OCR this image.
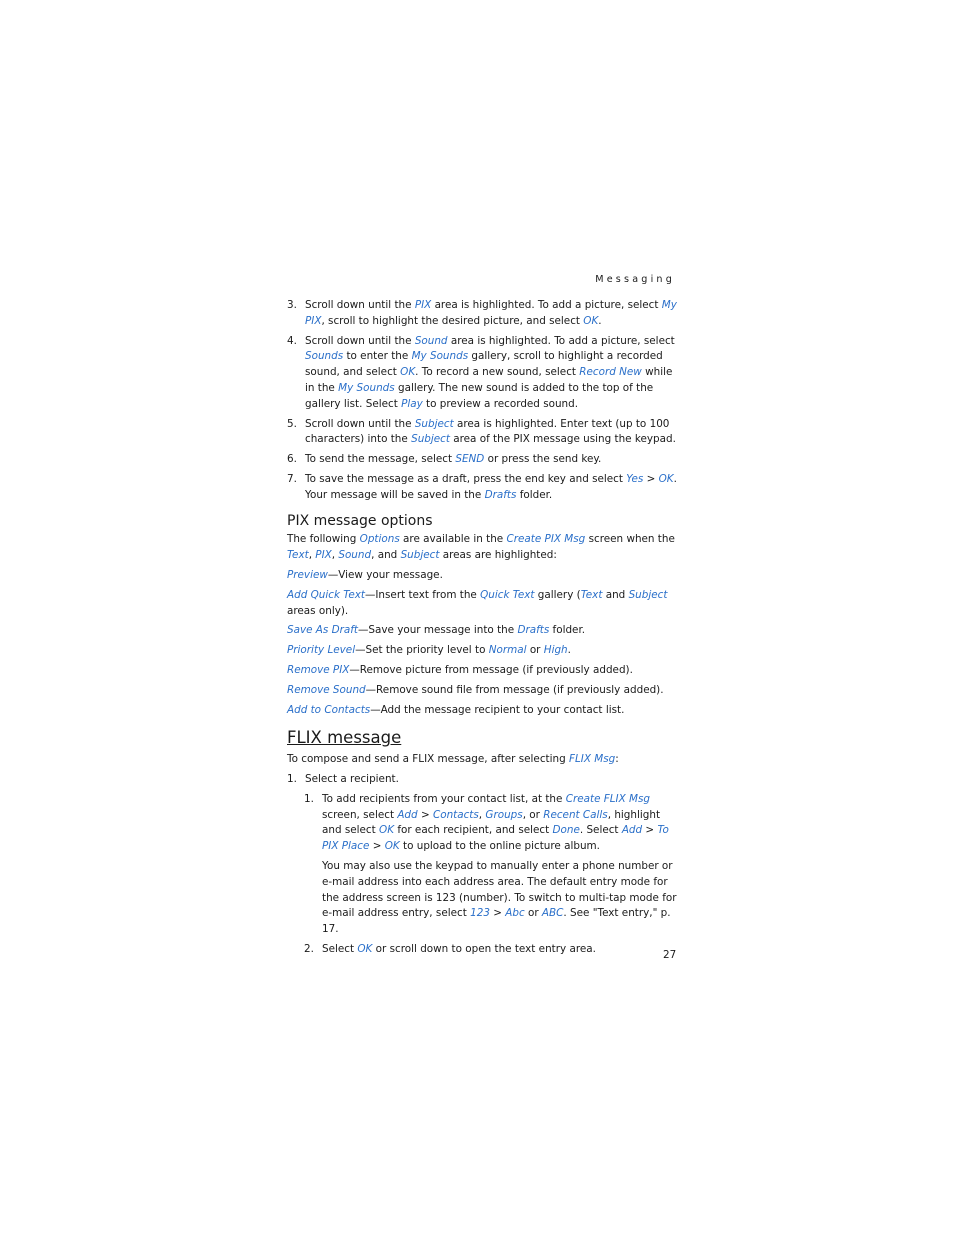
Messaging
3. Scroll down until the PIX area is highlighted. To add a picture, select My PIX, scroll to highlight the desired picture, and select OK.
4. Scroll down until the Sound area is highlighted. To add a picture, select Sounds to enter the My Sounds gallery, scroll to highlight a recorded sound, and select OK. To record a new sound, select Record New while in the My Sounds gallery. The new sound is added to the top of the gallery list. Select Play to preview a recorded sound.
5. Scroll down until the Subject area is highlighted. Enter text (up to 100 characters) into the Subject area of the PIX message using the keypad.
6. To send the message, select SEND or press the send key.
7. To save the message as a draft, press the end key and select Yes > OK. Your message will be saved in the Drafts folder.
PIX message options
The following Options are available in the Create PIX Msg screen when the Text, PIX, Sound, and Subject areas are highlighted:
Preview—View your message.
Add Quick Text—Insert text from the Quick Text gallery (Text and Subject areas only).
Save As Draft—Save your message into the Drafts folder.
Priority Level—Set the priority level to Normal or High.
Remove PIX—Remove picture from message (if previously added).
Remove Sound—Remove sound file from message (if previously added).
Add to Contacts—Add the message recipient to your contact list.
FLIX message
To compose and send a FLIX message, after selecting FLIX Msg:
1. Select a recipient.
1. To add recipients from your contact list, at the Create FLIX Msg screen, select Add > Contacts, Groups, or Recent Calls, highlight and select OK for each recipient, and select Done. Select Add > To PIX Place > OK to upload to the online picture album.
You may also use the keypad to manually enter a phone number or e-mail address into each address area. The default entry mode for the address screen is 123 (number). To switch to multi-tap mode for e-mail address entry, select 123 > Abc or ABC. See "Text entry," p. 17.
2. Select OK or scroll down to open the text entry area.
27
